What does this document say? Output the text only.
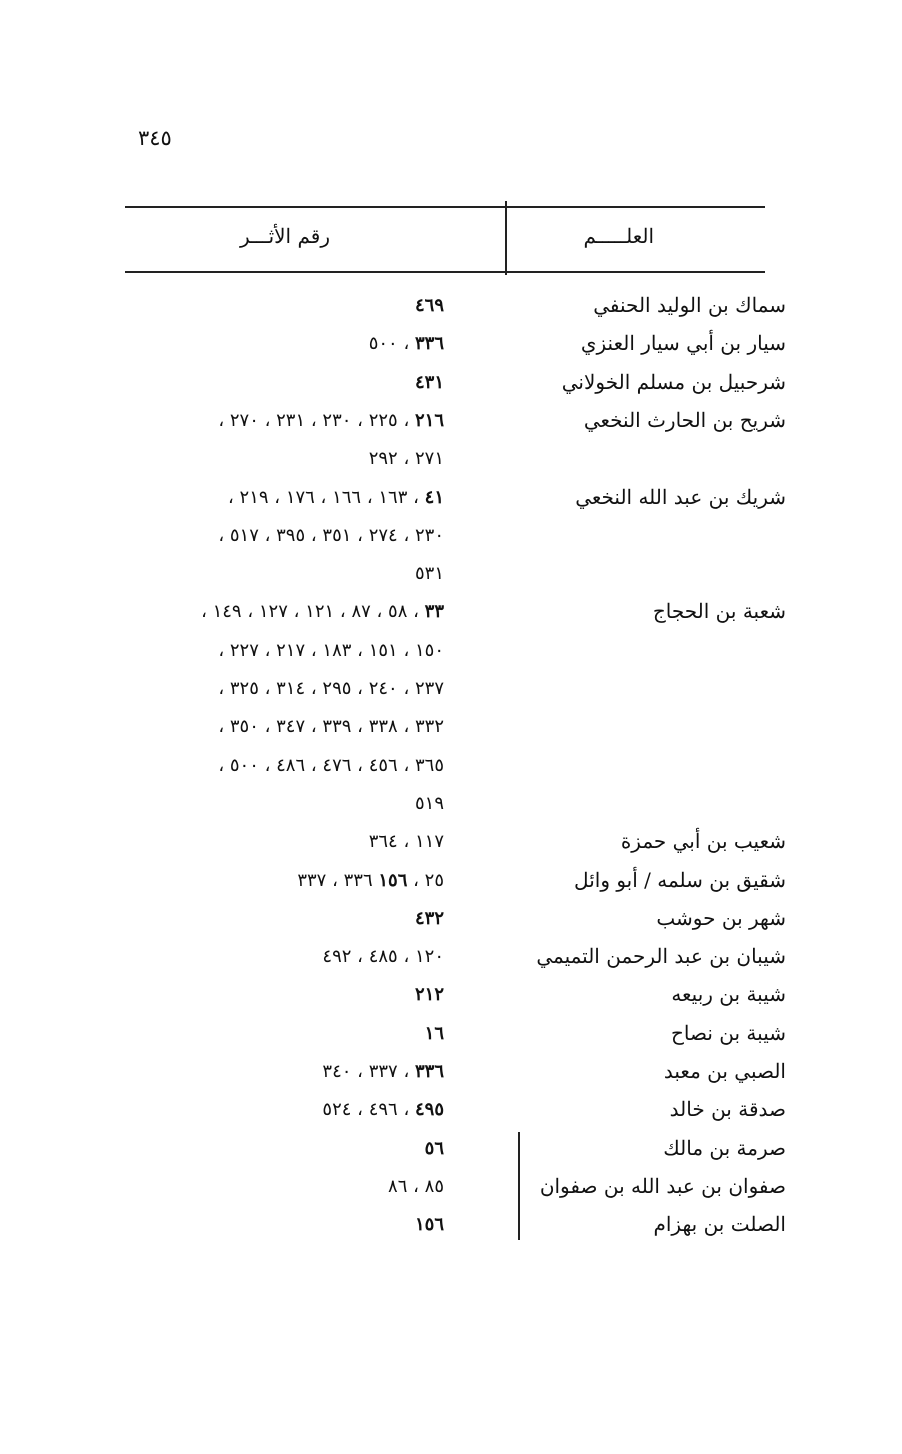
٣٤٥
العلـــــم
رقم الأثـــر
سماك بن الوليد الحنفي
٤٦٩
سيار بن أبي سيار العنزي
٣٣٦ ، ٥٠٠
شرحبيل بن مسلم الخولاني
٤٣١
شريح بن الحارث النخعي
٢١٦ ، ٢٢٥ ، ٢٣٠ ، ٢٣١ ، ٢٧٠ ،
٢٧١ ، ٢٩٢
شريك بن عبد الله النخعي
٤١ ، ١٦٣ ، ١٦٦ ، ١٧٦ ، ٢١٩ ،
٢٣٠ ، ٢٧٤ ، ٣٥١ ، ٣٩٥ ، ٥١٧ ،
٥٣١
شعبة بن الحجاج
٣٣ ، ٥٨ ، ٨٧ ، ١٢١ ، ١٢٧ ، ١٤٩ ،
١٥٠ ، ١٥١ ، ١٨٣ ، ٢١٧ ، ٢٢٧ ،
٢٣٧ ، ٢٤٠ ، ٢٩٥ ، ٣١٤ ، ٣٢٥ ،
٣٣٢ ، ٣٣٨ ، ٣٣٩ ، ٣٤٧ ، ٣٥٠ ،
٣٦٥ ، ٤٥٦ ، ٤٧٦ ، ٤٨٦ ، ٥٠٠ ،
٥١٩
شعيب بن أبي حمزة
١١٧ ، ٣٦٤
شقيق بن سلمه / أبو وائل
٢٥ ، ١٥٦ ٣٣٦ ، ٣٣٧
شهر بن حوشب
٤٣٢
شيبان بن عبد الرحمن التميمي
١٢٠ ، ٤٨٥ ، ٤٩٢
شيبة بن ربيعه
٢١٢
شيبة بن نصاح
١٦
الصبي بن معبد
٣٣٦ ، ٣٣٧ ، ٣٤٠
صدقة بن خالد
٤٩٥ ، ٤٩٦ ، ٥٢٤
صرمة بن مالك
٥٦
صفوان بن عبد الله بن صفوان
٨٥ ، ٨٦
الصلت بن بهزام
١٥٦
